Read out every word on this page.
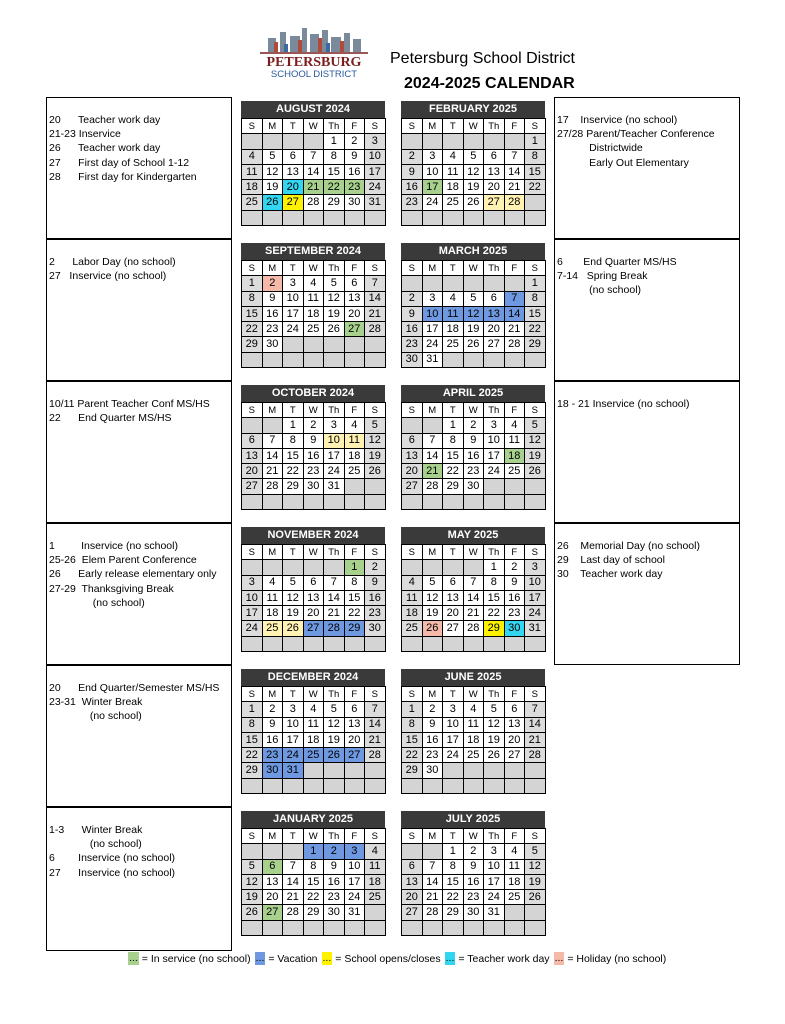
PETERSBURG
SCHOOL DISTRICT
Petersburg School District
2024-2025 CALENDAR
20      Teacher work day
21-23 Inservice
26      Teacher work day
27      First day of School 1-12
28      First day for Kindergarten
2      Labor Day (no school)
27   Inservice (no school)
10/11 Parent Teacher Conf MS/HS
22      End Quarter MS/HS
1         Inservice (no school)
25-26  Elem Parent Conference
26      Early release elementary only
27-29  Thanksgiving Break
(no school)
20      End Quarter/Semester MS/HS
23-31  Winter Break
(no school)
1-3      Winter Break
(no school)
6        Inservice (no school)
27      Inservice (no school)
17    Inservice (no school)
27/28 Parent/Teacher Conference
Districtwide
Early Out Elementary
6       End Quarter MS/HS
7-14   Spring Break
(no school)
18 - 21 Inservice (no school)
26    Memorial Day (no school)
29    Last day of school
30    Teacher work day
AUGUST 2024
S	M	T	W	Th	F	S
				1	2	3
4	5	6	7	8	9	10
11	12	13	14	15	16	17
18	19	20	21	22	23	24
25	26	27	28	29	30	31

FEBRUARY 2025
S	M	T	W	Th	F	S
						1
2	3	4	5	6	7	8
9	10	11	12	13	14	15
16	17	18	19	20	21	22
23	24	25	26	27	28	

SEPTEMBER 2024
S	M	T	W	Th	F	S
1	2	3	4	5	6	7
8	9	10	11	12	13	14
15	16	17	18	19	20	21
22	23	24	25	26	27	28
29	30					

MARCH 2025
S	M	T	W	Th	F	S
						1
2	3	4	5	6	7	8
9	10	11	12	13	14	15
16	17	18	19	20	21	22
23	24	25	26	27	28	29
30	31					
OCTOBER 2024
S	M	T	W	Th	F	S
		1	2	3	4	5
6	7	8	9	10	11	12
13	14	15	16	17	18	19
20	21	22	23	24	25	26
27	28	29	30	31		

APRIL 2025
S	M	T	W	Th	F	S
		1	2	3	4	5
6	7	8	9	10	11	12
13	14	15	16	17	18	19
20	21	22	23	24	25	26
27	28	29	30			

NOVEMBER 2024
S	M	T	W	Th	F	S
					1	2
3	4	5	6	7	8	9
10	11	12	13	14	15	16
17	18	19	20	21	22	23
24	25	26	27	28	29	30

MAY 2025
S	M	T	W	Th	F	S
				1	2	3
4	5	6	7	8	9	10
11	12	13	14	15	16	17
18	19	20	21	22	23	24
25	26	27	28	29	30	31

DECEMBER 2024
S	M	T	W	Th	F	S
1	2	3	4	5	6	7
8	9	10	11	12	13	14
15	16	17	18	19	20	21
22	23	24	25	26	27	28
29	30	31				

JUNE 2025
S	M	T	W	Th	F	S
1	2	3	4	5	6	7
8	9	10	11	12	13	14
15	16	17	18	19	20	21
22	23	24	25	26	27	28
29	30					

JANUARY 2025
S	M	T	W	Th	F	S
			1	2	3	4
5	6	7	8	9	10	11
12	13	14	15	16	17	18
19	20	21	22	23	24	25
26	27	28	29	30	31	

JULY 2025
S	M	T	W	Th	F	S
		1	2	3	4	5
6	7	8	9	10	11	12
13	14	15	16	17	18	19
20	21	22	23	24	25	26
27	28	29	30	31		

... = In service (no school) ... = Vacation ... = School opens/closes ... = Teacher work day ... = Holiday (no school)
